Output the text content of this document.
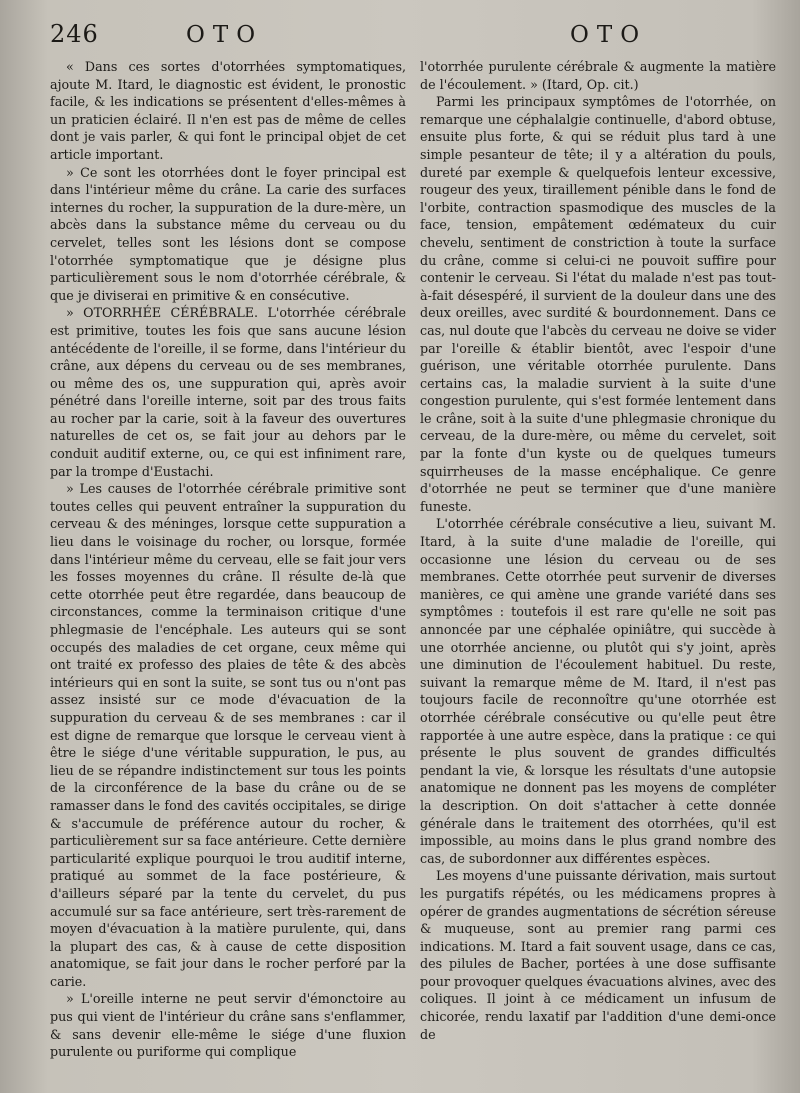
246	OTO	OTO

« Dans ces sortes d'otorrhées symptomatiques, ajoute M. Itard, le diagnostic est évident, le pronostic facile, & les indications se présentent d'elles-mêmes à un praticien éclairé. Il n'en est pas de même de celles dont je vais parler, & qui font le principal objet de cet article important.

» Ce sont les otorrhées dont le foyer principal est dans l'intérieur même du crâne. La carie des surfaces internes du rocher, la suppuration de la dure-mère, un abcès dans la substance même du cerveau ou du cervelet, telles sont les lésions dont se compose l'otorrhée symptomatique que je désigne plus particulièrement sous le nom d'otorrhée cérébrale, & que je diviserai en primitive & en consécutive.

» OTORRHÉE CÉRÉBRALE. L'otorrhée cérébrale est primitive, toutes les fois que sans aucune lésion antécédente de l'oreille, il se forme, dans l'intérieur du crâne, aux dépens du cerveau ou de ses membranes, ou même des os, une suppuration qui, après avoir pénétré dans l'oreille interne, soit par des trous faits au rocher par la carie, soit à la faveur des ouvertures naturelles de cet os, se fait jour au dehors par le conduit auditif externe, ou, ce qui est infiniment rare, par la trompe d'Eustachi.

» Les causes de l'otorrhée cérébrale primitive sont toutes celles qui peuvent entraîner la suppuration du cerveau & des méninges, lorsque cette suppuration a lieu dans le voisinage du rocher, ou lorsque, formée dans l'intérieur même du cerveau, elle se fait jour vers les fosses moyennes du crâne. Il résulte de-là que cette otorrhée peut être regardée, dans beaucoup de circonstances, comme la terminaison critique d'une phlegmasie de l'encéphale. Les auteurs qui se sont occupés des maladies de cet organe, ceux même qui ont traité ex professo des plaies de tête & des abcès intérieurs qui en sont la suite, se sont tus ou n'ont pas assez insisté sur ce mode d'évacuation de la suppuration du cerveau & de ses membranes : car il est digne de remarque que lorsque le cerveau vient à être le siége d'une véritable suppuration, le pus, au lieu de se répandre indistinctement sur tous les points de la circonférence de la base du crâne ou de se ramasser dans le fond des cavités occipitales, se dirige & s'accumule de préférence autour du rocher, & particulièrement sur sa face antérieure. Cette dernière particularité explique pourquoi le trou auditif interne, pratiqué au sommet de la face postérieure, & d'ailleurs séparé par la tente du cervelet, du pus accumulé sur sa face antérieure, sert très-rarement de moyen d'évacuation à la matière purulente, qui, dans la plupart des cas, & à cause de cette disposition anatomique, se fait jour dans le rocher perforé par la carie.

» L'oreille interne ne peut servir d'émonctoire au pus qui vient de l'intérieur du crâne sans s'enflammer, & sans devenir elle-même le siége d'une fluxion purulente ou puriforme qui complique

l'otorrhée purulente cérébrale & augmente la matière de l'écoulement. » (Itard, Op. cit.)

Parmi les principaux symptômes de l'otorrhée, on remarque une céphalalgie continuelle, d'abord obtuse, ensuite plus forte, & qui se réduit plus tard à une simple pesanteur de tête; il y a altération du pouls, dureté par exemple & quelquefois lenteur excessive, rougeur des yeux, tiraillement pénible dans le fond de l'orbite, contraction spasmodique des muscles de la face, tension, empâtement œdémateux du cuir chevelu, sentiment de constriction à toute la surface du crâne, comme si celui-ci ne pouvoit suffire pour contenir le cerveau. Si l'état du malade n'est pas tout-à-fait désespéré, il survient de la douleur dans une des deux oreilles, avec surdité & bourdonnement. Dans ce cas, nul doute que l'abcès du cerveau ne doive se vider par l'oreille & établir bientôt, avec l'espoir d'une guérison, une véritable otorrhée purulente. Dans certains cas, la maladie survient à la suite d'une congestion purulente, qui s'est formée lentement dans le crâne, soit à la suite d'une phlegmasie chronique du cerveau, de la dure-mère, ou même du cervelet, soit par la fonte d'un kyste ou de quelques tumeurs squirrheuses de la masse encéphalique. Ce genre d'otorrhée ne peut se terminer que d'une manière funeste.

L'otorrhée cérébrale consécutive a lieu, suivant M. Itard, à la suite d'une maladie de l'oreille, qui occasionne une lésion du cerveau ou de ses membranes. Cette otorrhée peut survenir de diverses manières, ce qui amène une grande variété dans ses symptômes : toutefois il est rare qu'elle ne soit pas annoncée par une céphalée opiniâtre, qui succède à une otorrhée ancienne, ou plutôt qui s'y joint, après une diminution de l'écoulement habituel. Du reste, suivant la remarque même de M. Itard, il n'est pas toujours facile de reconnoître qu'une otorrhée est otorrhée cérébrale consécutive ou qu'elle peut être rapportée à une autre espèce, dans la pratique : ce qui présente le plus souvent de grandes difficultés pendant la vie, & lorsque les résultats d'une autopsie anatomique ne donnent pas les moyens de compléter la description. On doit s'attacher à cette donnée générale dans le traitement des otorrhées, qu'il est impossible, au moins dans le plus grand nombre des cas, de subordonner aux différentes espèces.

Les moyens d'une puissante dérivation, mais surtout les purgatifs répétés, ou les médicamens propres à opérer de grandes augmentations de sécrétion séreuse & muqueuse, sont au premier rang parmi ces indications. M. Itard a fait souvent usage, dans ce cas, des pilules de Bacher, portées à une dose suffisante pour provoquer quelques évacuations alvines, avec des coliques. Il joint à ce médicament un infusum de chicorée, rendu laxatif par l'addition d'une demi-once de
